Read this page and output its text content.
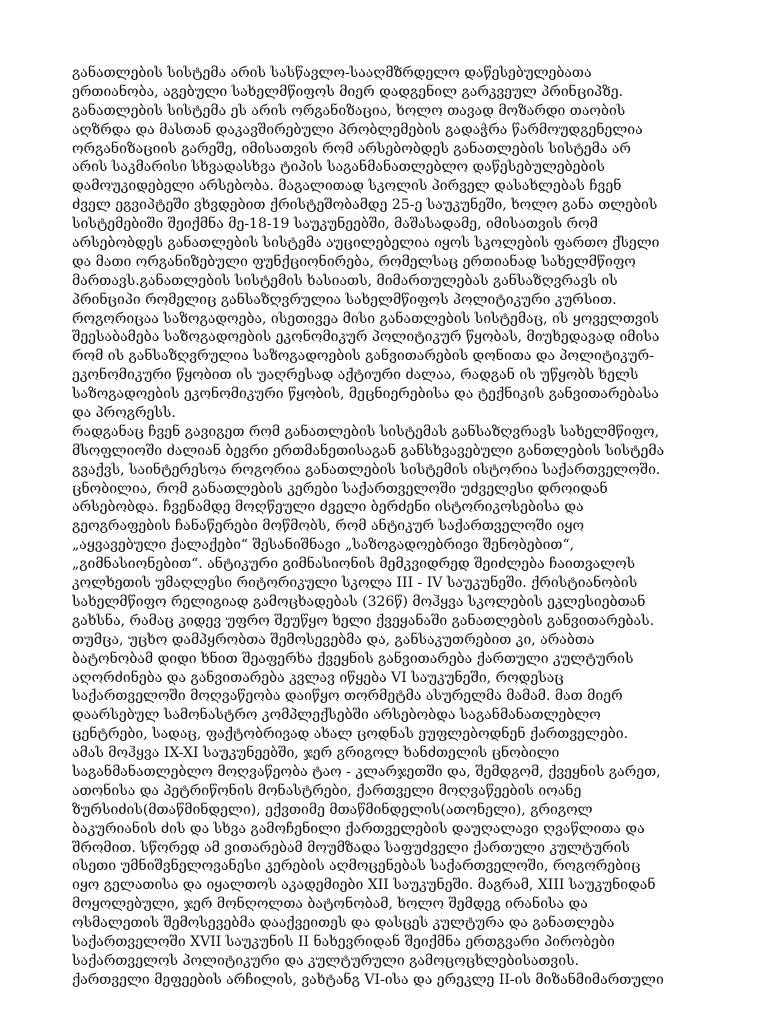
განათლების სისტემა არის სასწავლო-სააღმზრდელო დაწესებულებათა
ერთიანობა, აგებული სახელმწიფოს მიერ დადგენილ გარკვეულ პრინციპზე.
განათლების სისტემა ეს არის ორგანიზაცია, ხოლო თავად მოზარდი თაობის
აღზრდა და მასთან დაკავშირებული პრობლემების გადაჭრა წარმოუდგენელია
ორგანიზაციის გარეშე, იმისათვის რომ არსებობდეს განათლების სისტემა არ
არის საკმარისი სხვადასხვა ტიპის საგანმანათლებლო დაწესებულებების
დამოუკიდებელი არსებობა. მაგალითად სკოლის პირველ დასახლებას ჩვენ
ძველ ეგვიპტეში ვხვდებით ქრისტეშობამდე 25-ე საუკუნეში, ხოლო განა თლების
სისტემებიში შეიქმნა მე-18-19 საუკუნეებში, მაშასადამე, იმისათვის რომ
არსებობდეს განათლების სისტემა აუცილებელია იყოს სკოლების ფართო ქსელი
და მათი ორგანიზებული ფუნქციონირება, რომელსაც ერთიანად სახელმწიფო
მართავს.განათლების სისტემის ხასიათს, მიმართულებას განსაზღვრავს ის
პრინციპი რომელიც განსაზღვრულია სახელმწიფოს პოლიტიკური კურსით.
როგორიცაა საზოგადოება, ისეთივეა მისი განათლების სისტემაც, ის ყოველთვის
შეესაბამება საზოგადოების ეკონომიკურ პოლიტიკურ წყობას, მიუხედავად იმისა
რომ ის განსაზღვრულია საზოგადოების განვითარების დონითა და პოლიტიკურ-
ეკონომიკური წყობით ის უაღრესად აქტიური ძალაა, რადგან ის უწყობს ხელს
საზოგადოების ეკონომიკური წყობის, მეცნიერებისა და ტექნიკის განვითარებასა
და პროგრესს.
რადგანაც ჩვენ გავიგეთ რომ განათლების სისტემას განსაზღვრავს სახელმწიფო,
მსოფლიოში ძალიან ბევრი ერთმანეთისაგან განსხვავებული განთლების სისტემა
გვაქვს, საინტერესოა როგორია განათლების სისტემის ისტორია საქართველოში.
ცნობილია, რომ განათლების კერები საქართველოში უძველესი დროიდან
არსებობდა. ჩვენამდე მოღწეული ძველი ბერძენი ისტორიკოსებისა და
გეოგრაფების ჩანაწერები მოწმობს, რომ ანტიკურ საქართველოში იყო
„აყვავებული ქალაქები“ შესანიშნავი „საზოგადოებრივი შენობებით“,
„გიმნასიონებით“. ანტიკური გიმნასიონის მემკვიდრედ შეიძლება ჩაითვალოს
კოლხეთის უმაღლესი რიტორიკული სკოლა III - IV საუკუნეში. ქრისტიანობის
სახელმწიფო რელიგიად გამოცხადებას (326წ) მოჰყვა სკოლების ეკლესიებთან
გახსნა, რამაც კიდევ უფრო შეუწყო ხელი ქვეყანაში განათლების განვითარებას.
თუმცა, უცხო დამპყრობთა შემოსევებმა და, განსაკუთრებით კი, არაბთა
ბატონობამ დიდი ხნით შეაფერხა ქვეყნის განვითარება ქართული კულტურის
აღორძინება და განვითარება კვლავ იწყება VI საუკუნეში, როდესაც
საქართველოში მოღვაწეობა დაიწყო თორმეტმა ასურელმა მამამ. მათ მიერ
დაარსებულ სამონასტრო კომპლექსებში არსებობდა საგანმანათლებლო
ცენტრები, სადაც, ფაქტობრივად ახალ ცოდნას ეუფლებოდნენ ქართველები.
ამას მოჰყვა IX-XI საუკუნეებში, ჯერ გრიგოლ ხანძთელის ცნობილი
საგანმანათლებლო მოღვაწეობა ტაო - კლარჯეთში და, შემდგომ, ქვეყნის გარეთ,
ათონისა და პეტრიწონის მონასტრები, ქართველი მოღვაწეების იოანე
ზურსიძის(მთაწმინდელი), ექვთიმე მთაწმინდელის(ათონელი), გრიგოლ
ბაკურიანის ძის და სხვა გამოჩენილი ქართველების დაუღალავი ღვაწლითა და
შრომით. სწორედ ამ ვითარებამ მოუმზადა საფუძველი ქართული კულტურის
ისეთი უმნიშვნელოვანესი კერების აღმოცენებას საქართველოში, როგორებიც
იყო გელათისა და იყალთოს აკადემიები XII საუკუნეში. მაგრამ, XIII საუკუნიდან
მოყოლებული, ჯერ მონღოლთა ბატონობამ, ხოლო შემდეგ ირანისა და
ოსმალეთის შემოსევებმა დააქვეითეს და დასცეს კულტურა და განათლება
საქართველოში XVII საუკუნის II ნახევრიდან შეიქმნა ერთგვარი პირობები
საქართველოს პოლიტიკური და კულტურული გამოცოცხლებისათვის.
ქართველი მეფეების არჩილის, ვახტანგ VI-ისა და ერეკლე II-ის მიზანმიმართული
